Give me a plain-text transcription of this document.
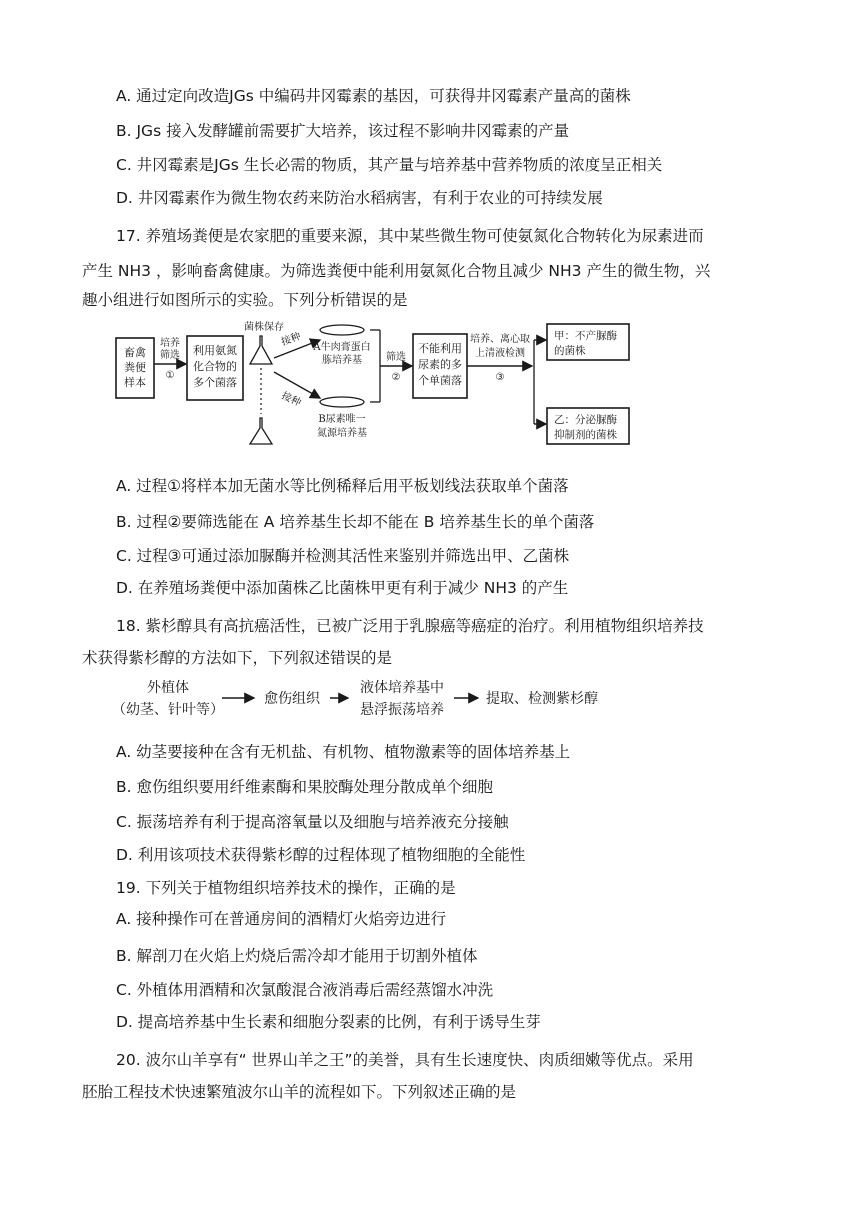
A. 通过定向改造JGs 中编码井冈霉素的基因，可获得井冈霉素产量高的菌株
B. JGs 接入发酵罐前需要扩大培养，该过程不影响井冈霉素的产量
C. 井冈霉素是JGs 生长必需的物质，其产量与培养基中营养物质的浓度呈正相关
D. 井冈霉素作为微生物农药来防治水稻病害，有利于农业的可持续发展
17. 养殖场粪便是农家肥的重要来源，其中某些微生物可使氨氮化合物转化为尿素进而
产生 NH3 ，影响畜禽健康。为筛选粪便中能利用氨氮化合物且减少 NH3 产生的微生物，兴
趣小组进行如图所示的实验。下列分析错误的是
畜禽
粪便
样本
培养
筛选
①
利用氨氮
化合物的
多个菌落
菌株保存
接种
接种
A牛肉膏蛋白
胨培养基
B尿素唯一
氮源培养基
筛选
②
不能利用
尿素的多
个单菌落
培养、离心取
上清液检测
③
甲：不产脲酶
的菌株
乙：分泌脲酶
抑制剂的菌株
A. 过程①将样本加无菌水等比例稀释后用平板划线法获取单个菌落
B. 过程②要筛选能在 A 培养基生长却不能在 B 培养基生长的单个菌落
C. 过程③可通过添加脲酶并检测其活性来鉴别并筛选出甲、乙菌株
D. 在养殖场粪便中添加菌株乙比菌株甲更有利于减少 NH3 的产生
18. 紫杉醇具有高抗癌活性，已被广泛用于乳腺癌等癌症的治疗。利用植物组织培养技
术获得紫杉醇的方法如下，下列叙述错误的是
外植体
（幼茎、针叶等）
愈伤组织
液体培养基中
悬浮振荡培养
提取、检测紫杉醇
A. 幼茎要接种在含有无机盐、有机物、植物激素等的固体培养基上
B. 愈伤组织要用纤维素酶和果胶酶处理分散成单个细胞
C. 振荡培养有利于提高溶氧量以及细胞与培养液充分接触
D. 利用该项技术获得紫杉醇的过程体现了植物细胞的全能性
19. 下列关于植物组织培养技术的操作，正确的是
A. 接种操作可在普通房间的酒精灯火焰旁边进行
B. 解剖刀在火焰上灼烧后需冷却才能用于切割外植体
C. 外植体用酒精和次氯酸混合液消毒后需经蒸馏水冲洗
D. 提高培养基中生长素和细胞分裂素的比例，有利于诱导生芽
20. 波尔山羊享有“ 世界山羊之王”的美誉，具有生长速度快、肉质细嫩等优点。采用
胚胎工程技术快速繁殖波尔山羊的流程如下。下列叙述正确的是
